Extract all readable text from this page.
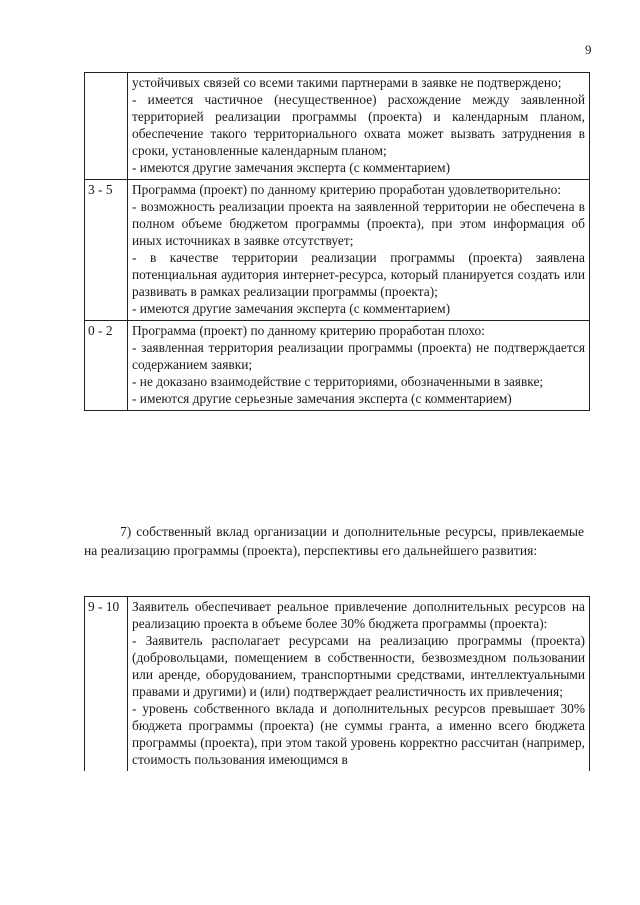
9

	устойчивых связей со всеми такими партнерами в заявке не подтверждено;
- имеется частичное (несущественное) расхождение между заявленной территорией реализации программы (проекта) и календарным планом, обеспечение такого территориального охвата может вызвать затруднения в сроки, установленные календарным планом;
- имеются другие замечания эксперта (с комментарием)

3 - 5	Программа (проект) по данному критерию проработан удовлетворительно:
- возможность реализации проекта на заявленной территории не обеспечена в полном объеме бюджетом программы (проекта), при этом информация об иных источниках в заявке отсутствует;
- в качестве территории реализации программы (проекта) заявлена потенциальная аудитория интернет-ресурса, который планируется создать или развивать в рамках реализации программы (проекта);
- имеются другие замечания эксперта (с комментарием)

0 - 2	Программа (проект) по данному критерию проработан плохо:
- заявленная территория реализации программы (проекта) не подтверждается содержанием заявки;
- не доказано взаимодействие с территориями, обозначенными в заявке;
- имеются другие серьезные замечания эксперта (с комментарием)
7) собственный вклад организации и дополнительные ресурсы, привлекаемые на реализацию программы (проекта), перспективы его дальнейшего развития:
9 - 10	Заявитель обеспечивает реальное привлечение дополнительных ресурсов на реализацию проекта в объеме более 30% бюджета программы (проекта):
- Заявитель располагает ресурсами на реализацию программы (проекта) (добровольцами, помещением в собственности, безвозмездном пользовании или аренде, оборудованием, транспортными средствами, интеллектуальными правами и другими) и (или) подтверждает реалистичность их привлечения;
- уровень собственного вклада и дополнительных ресурсов превышает 30% бюджета программы (проекта) (не суммы гранта, а именно всего бюджета программы (проекта), при этом такой уровень корректно рассчитан (например, стоимость пользования имеющимся в
